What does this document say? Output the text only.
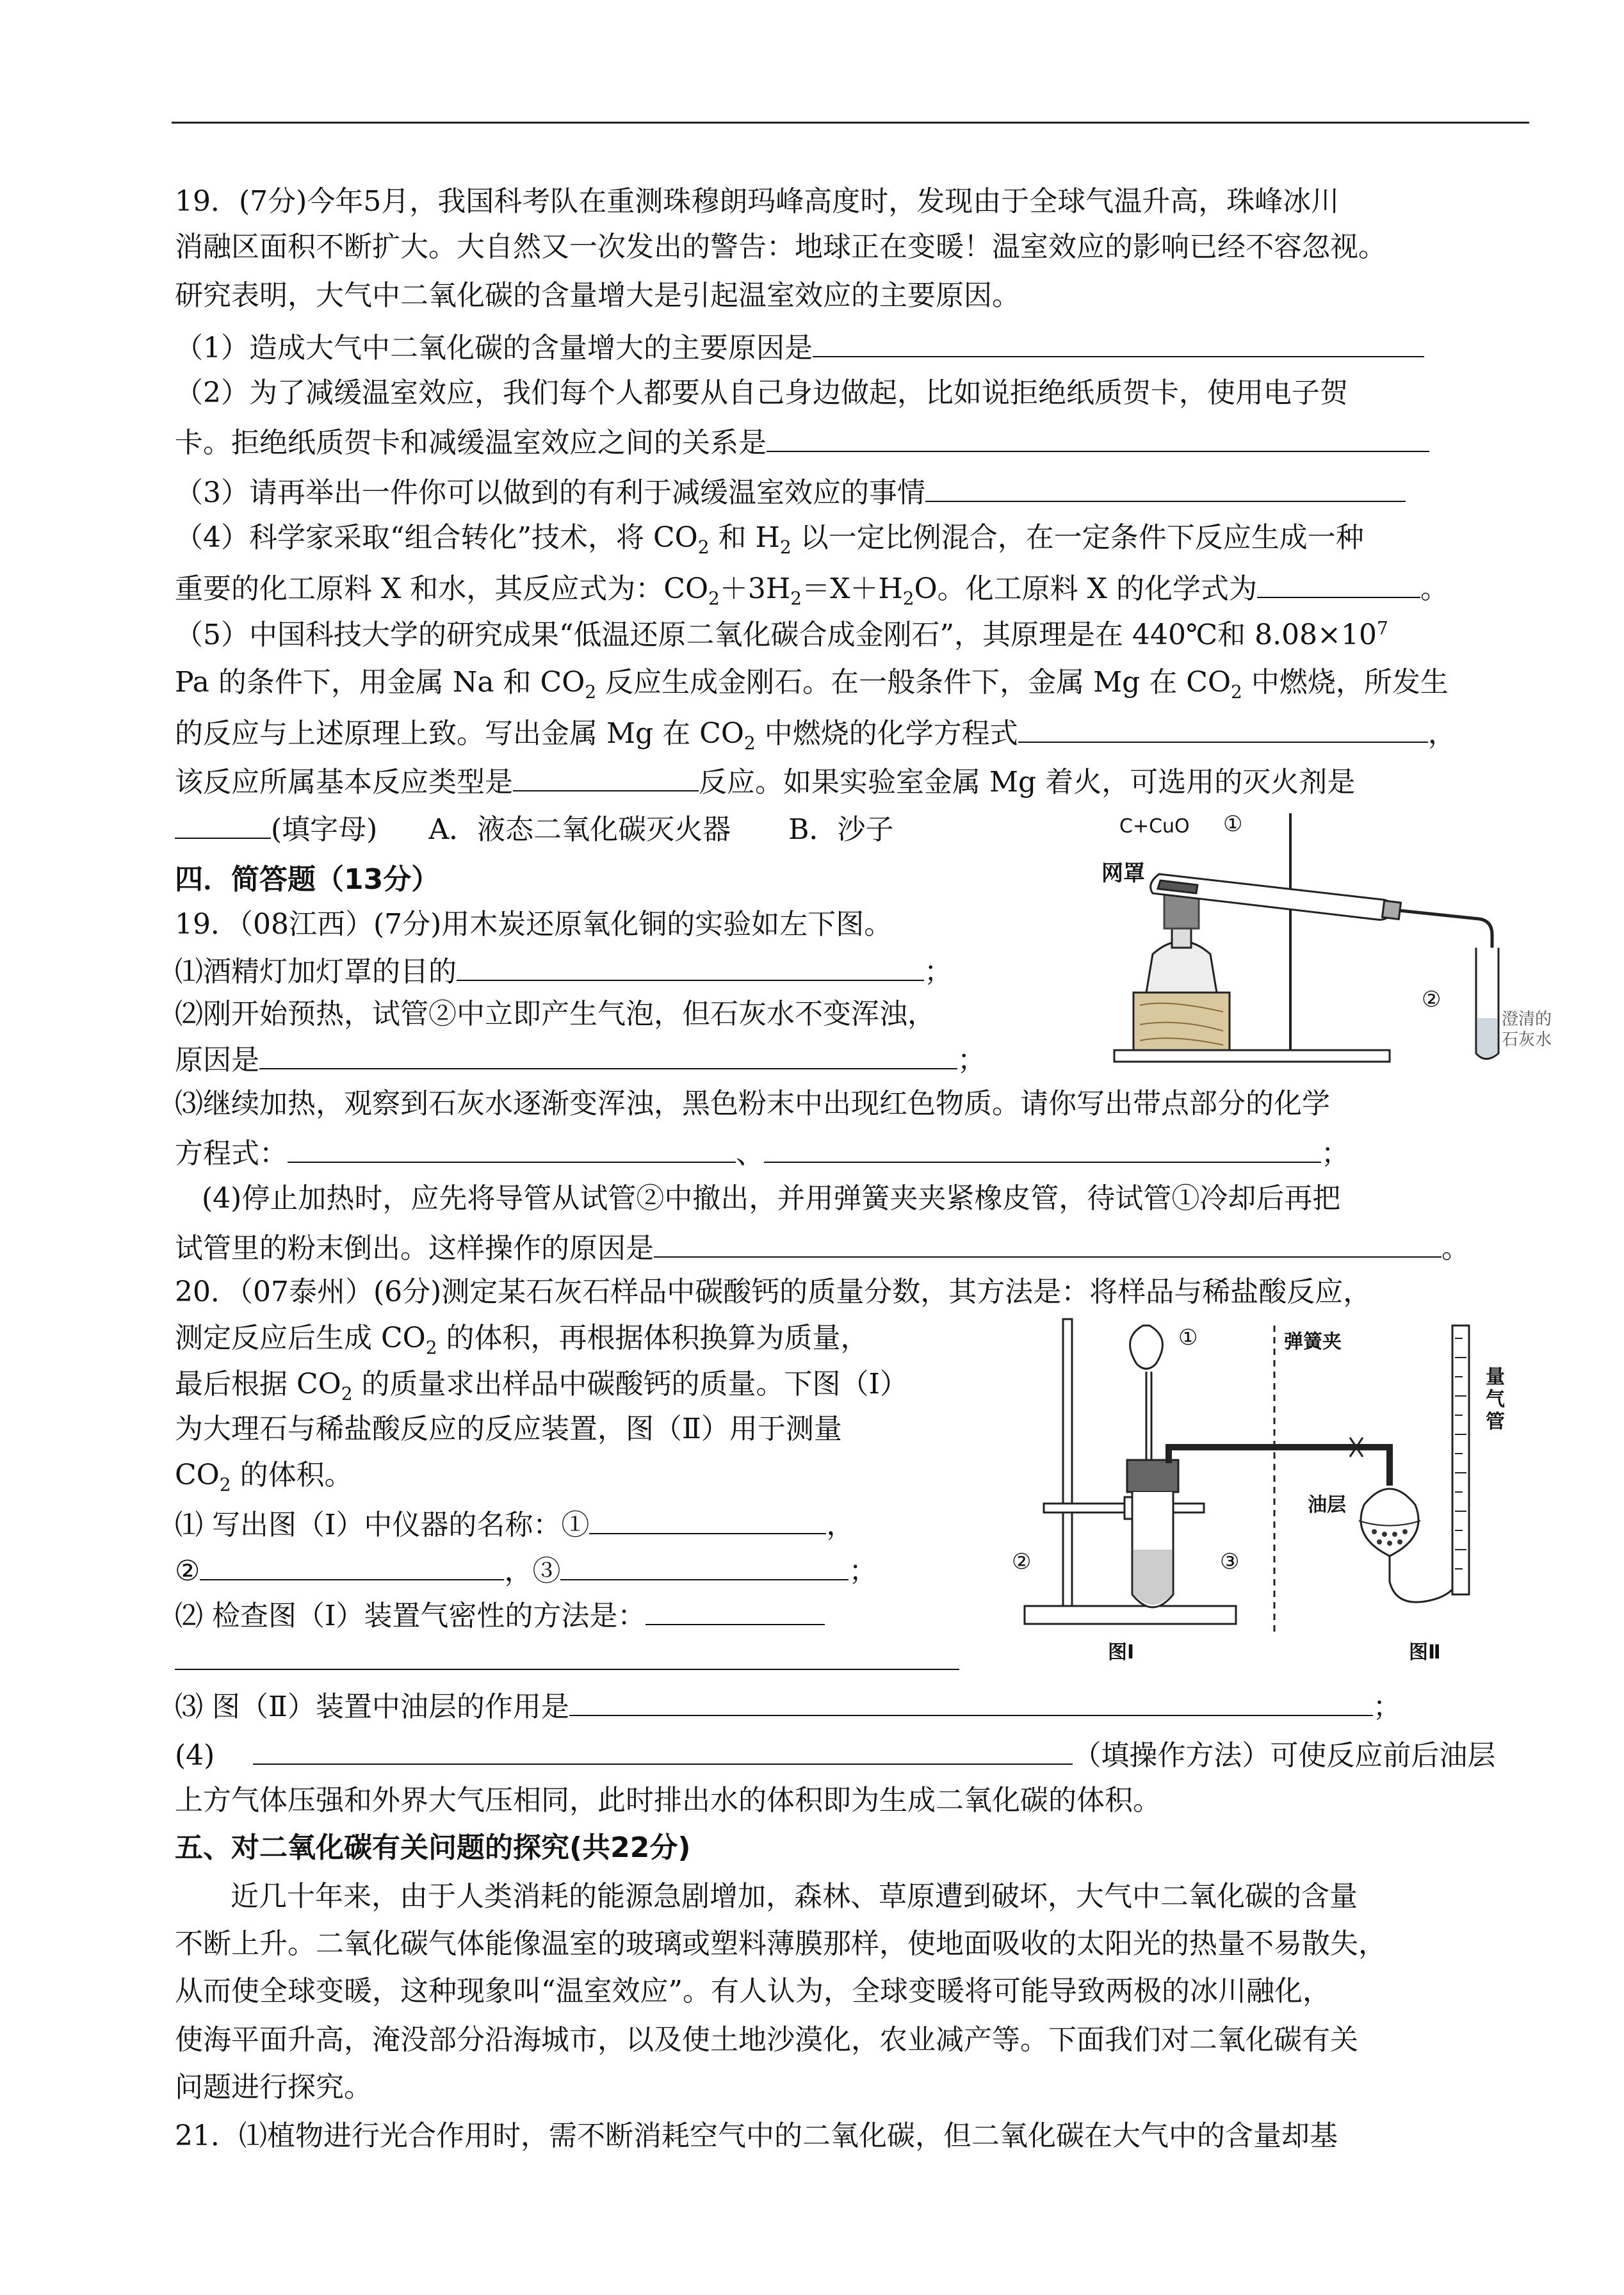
19．(7分)今年5月，我国科考队在重测珠穆朗玛峰高度时，发现由于全球气温升高，珠峰冰川
消融区面积不断扩大。大自然又一次发出的警告：地球正在变暖！温室效应的影响已经不容忽视。
研究表明，大气中二氧化碳的含量增大是引起温室效应的主要原因。
（1）造成大气中二氧化碳的含量增大的主要原因是
（2）为了减缓温室效应，我们每个人都要从自己身边做起，比如说拒绝纸质贺卡，使用电子贺
卡。拒绝纸质贺卡和减缓温室效应之间的关系是
（3）请再举出一件你可以做到的有利于减缓温室效应的事情
（4）科学家采取“组合转化”技术，将 $CO_2$ 和 $H_2$ 以一定比例混合，在一定条件下反应生成一种
重要的化工原料 X 和水，其反应式为：$CO_2+3H_2=X+H_2O$。化工原料 X 的化学式为	。
（5）中国科技大学的研究成果“低温还原二氧化碳合成金刚石”，其原理是在 440℃和 $8.08\times 10^7$
Pa 的条件下，用金属 Na 和 $CO_2$ 反应生成金刚石。在一般条件下，金属 Mg 在 $CO_2$ 中燃烧，所发生
的反应与上述原理上致。写出金属 Mg 在 $CO_2$ 中燃烧的化学方程式	，
该反应所属基本反应类型是	反应。如果实验室金属 Mg 着火，可选用的灭火剂是
(填字母) A．液态二氧化碳灭火器 B．沙子
四．简答题（13分）
19．（08江西）(7分)用木炭还原氧化铜的实验如左下图。
⑴酒精灯加灯罩的目的	；
⑵刚开始预热，试管②中立即产生气泡，但石灰水不变浑浊，
原因是	；
⑶继续加热，观察到石灰水逐渐变浑浊，黑色粉末中出现红色物质。请你写出带点部分的化学
方程式：	、	；
(4)停止加热时，应先将导管从试管②中撤出，并用弹簧夹夹紧橡皮管，待试管①冷却后再把
试管里的粉末倒出。这样操作的原因是	。
C+CuO ①
网罩
②
澄清的
石灰水
20．（07泰州）(6分)测定某石灰石样品中碳酸钙的质量分数，其方法是：将样品与稀盐酸反应，
测定反应后生成 $CO_2$ 的体积，再根据体积换算为质量，
最后根据 $CO_2$ 的质量求出样品中碳酸钙的质量。下图（Ⅰ）
为大理石与稀盐酸反应的反应装置，图（Ⅱ）用于测量
$CO_2$ 的体积。
⑴ 写出图（Ⅰ）中仪器的名称：①	，
②	，③	；
⑵ 检查图（Ⅰ）装置气密性的方法是：
⑶ 图（Ⅱ）装置中油层的作用是	；
(4)	（填操作方法）可使反应前后油层
上方气体压强和外界大气压相同，此时排出水的体积即为生成二氧化碳的体积。
①
②	③
弹簧夹
量
气
管
油层
图Ⅰ	图Ⅱ
五、对二氧化碳有关问题的探究(共22分)
近几十年来，由于人类消耗的能源急剧增加，森林、草原遭到破坏，大气中二氧化碳的含量
不断上升。二氧化碳气体能像温室的玻璃或塑料薄膜那样，使地面吸收的太阳光的热量不易散失，
从而使全球变暖，这种现象叫“温室效应”。有人认为，全球变暖将可能导致两极的冰川融化，
使海平面升高，淹没部分沿海城市，以及使土地沙漠化，农业减产等。下面我们对二氧化碳有关
问题进行探究。
21．⑴植物进行光合作用时，需不断消耗空气中的二氧化碳，但二氧化碳在大气中的含量却基
